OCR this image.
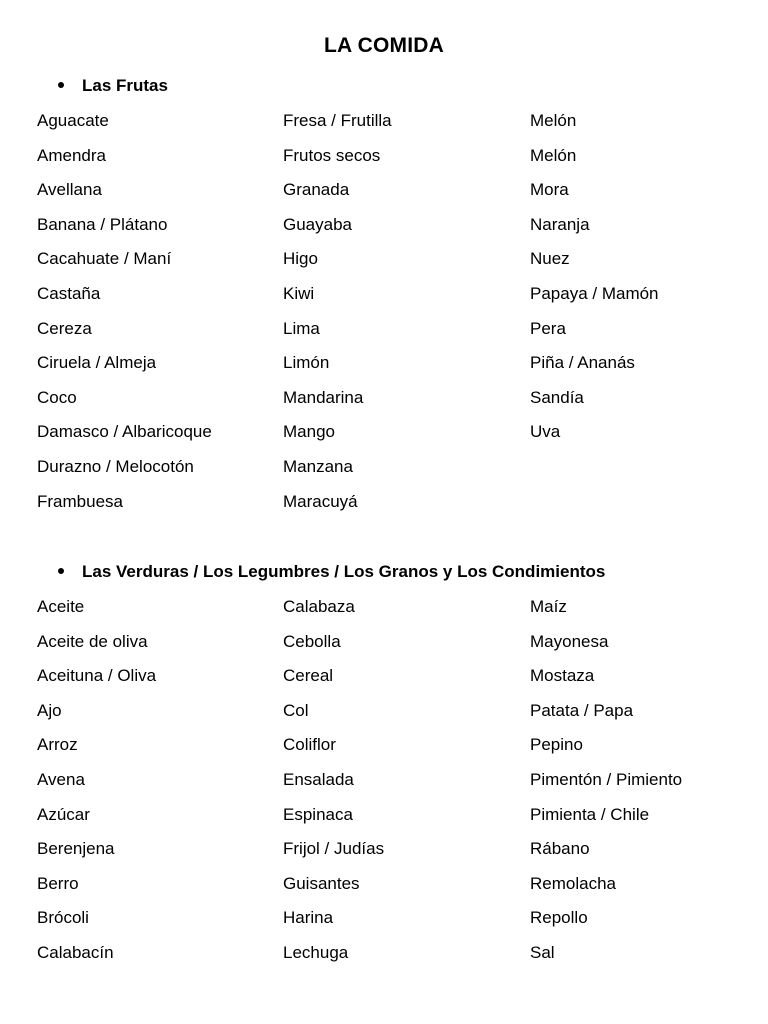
LA COMIDA
Las Frutas
Aguacate
Amendra
Avellana
Banana / Plátano
Cacahuate / Maní
Castaña
Cereza
Ciruela / Almeja
Coco
Damasco / Albaricoque
Durazno / Melocotón
Frambuesa
Fresa / Frutilla
Frutos secos
Granada
Guayaba
Higo
Kiwi
Lima
Limón
Mandarina
Mango
Manzana
Maracuyá
Melón
Melón
Mora
Naranja
Nuez
Papaya / Mamón
Pera
Piña / Ananás
Sandía
Uva
Las Verduras / Los Legumbres / Los Granos y Los Condimientos
Aceite
Aceite de oliva
Aceituna / Oliva
Ajo
Arroz
Avena
Azúcar
Berenjena
Berro
Brócoli
Calabacín
Calabaza
Cebolla
Cereal
Col
Coliflor
Ensalada
Espinaca
Frijol / Judías
Guisantes
Harina
Lechuga
Maíz
Mayonesa
Mostaza
Patata / Papa
Pepino
Pimentón / Pimiento
Pimienta / Chile
Rábano
Remolacha
Repollo
Sal
